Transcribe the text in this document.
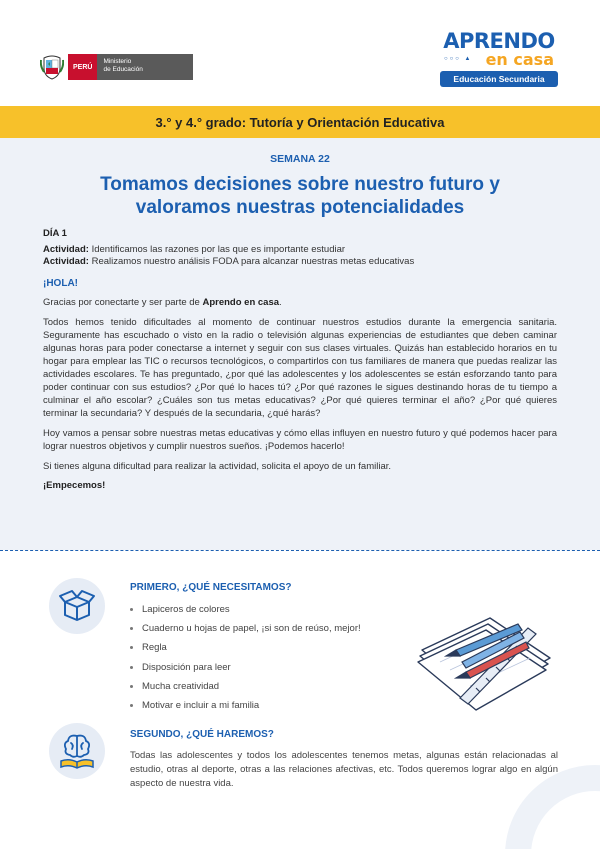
PERÚ
Ministerio
de Educación
APRENDO
○○○ ▲ en casa
Educación Secundaria
3.° y 4.° grado: Tutoría y Orientación Educativa
SEMANA 22
Tomamos decisiones sobre nuestro futuro y
valoramos nuestras potencialidades
DÍA 1
Actividad: Identificamos las razones por las que es importante estudiar
Actividad: Realizamos nuestro análisis FODA para alcanzar nuestras metas educativas
¡HOLA!
Gracias por conectarte y ser parte de Aprendo en casa.
Todos hemos tenido dificultades al momento de continuar nuestros estudios durante la emergencia sanitaria. Seguramente has escuchado o visto en la radio o televisión algunas experiencias de estudiantes que deben caminar algunas horas para poder conectarse a internet y seguir con sus clases virtuales. Quizás han establecido horarios en tu hogar para emplear las TIC o recursos tecnológicos, o compartirlos con tus familiares de manera que puedas realizar las actividades escolares. Te has preguntado, ¿por qué las adolescentes y los adolescentes se están esforzando tanto para poder continuar con sus estudios? ¿Por qué lo haces tú? ¿Por qué razones le sigues destinando horas de tu tiempo a culminar el año escolar? ¿Cuáles son tus metas educativas? ¿Por qué quieres terminar el año? ¿Por qué quieres terminar la secundaria? Y después de la secundaria, ¿qué harás?
Hoy vamos a pensar sobre nuestras metas educativas y cómo ellas influyen en nuestro futuro y qué podemos hacer para lograr nuestros objetivos y cumplir nuestros sueños. ¡Podemos hacerlo!
Si tienes alguna dificultad para realizar la actividad, solicita el apoyo de un familiar.
¡Empecemos!
PRIMERO, ¿QUÉ NECESITAMOS?
Lapiceros de colores
Cuaderno u hojas de papel, ¡si son de reúso, mejor!
Regla
Disposición para leer
Mucha creatividad
Motivar e incluir a mi familia
SEGUNDO, ¿QUÉ HAREMOS?
Todas las adolescentes y todos los adolescentes tenemos metas, algunas están relacionadas al estudio, otras al deporte, otras a las relaciones afectivas, etc. Todos queremos lograr algo en algún aspecto de nuestra vida.
